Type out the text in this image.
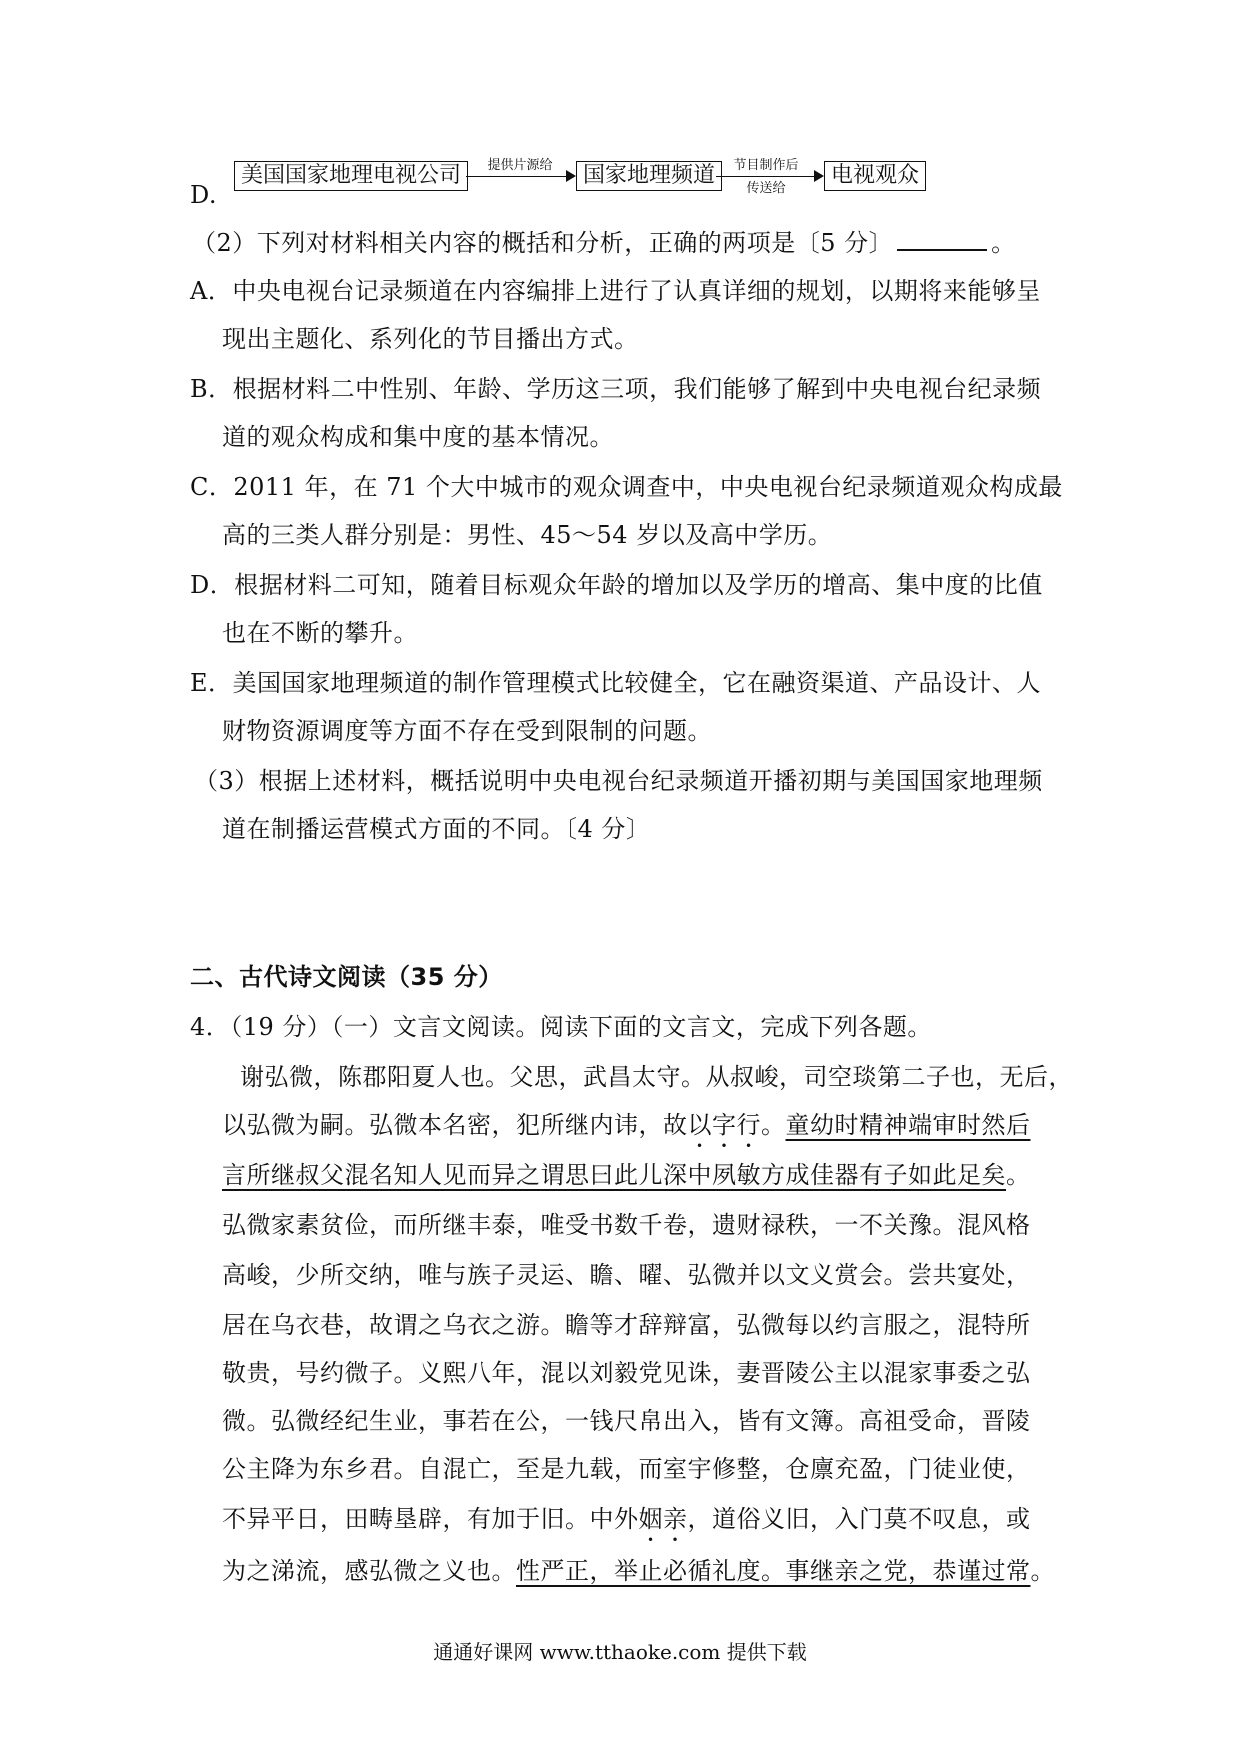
D.
美国国家地理电视公司	提供片源给	国家地理频道	节目制作后
传送给
电视观众
（2）下列对材料相关内容的概括和分析，正确的两项是〔5 分〕	。
A．中央电视台记录频道在内容编排上进行了认真详细的规划，以期将来能够呈
现出主题化、系列化的节目播出方式。
B．根据材料二中性别、年龄、学历这三项，我们能够了解到中央电视台纪录频
道的观众构成和集中度的基本情况。
C．2011 年，在 71 个大中城市的观众调查中，中央电视台纪录频道观众构成最
高的三类人群分别是：男性、45～54 岁以及高中学历。
D．根据材料二可知，随着目标观众年龄的增加以及学历的增高、集中度的比值
也在不断的攀升。
E．美国国家地理频道的制作管理模式比较健全，它在融资渠道、产品设计、人
财物资源调度等方面不存在受到限制的问题。
（3）根据上述材料，概括说明中央电视台纪录频道开播初期与美国国家地理频
道在制播运营模式方面的不同。〔4 分〕
二、古代诗文阅读（35 分）
4．（19 分）（一）文言文阅读。阅读下面的文言文，完成下列各题。
谢弘微，陈郡阳夏人也。父思，武昌太守。从叔峻，司空琰第二子也，无后，
以弘微为嗣。弘微本名密，犯所继内讳，故以字行。童幼时精神端审时然后
言所继叔父混名知人见而异之谓思曰此儿深中夙敏方成佳器有子如此足矣。
弘微家素贫俭，而所继丰泰，唯受书数千卷，遗财禄秩，一不关豫。混风格
高峻，少所交纳，唯与族子灵运、瞻、曜、弘微并以文义赏会。尝共宴处，
居在乌衣巷，故谓之乌衣之游。瞻等才辞辩富，弘微每以约言服之，混特所
敬贵，号约微子。义熙八年，混以刘毅党见诛，妻晋陵公主以混家事委之弘
微。弘微经纪生业，事若在公，一钱尺帛出入，皆有文簿。高祖受命，晋陵
公主降为东乡君。自混亡，至是九载，而室宇修整，仓廪充盈，门徒业使，
不异平日，田畴垦辟，有加于旧。中外姻亲，道俗义旧，入门莫不叹息，或
为之涕流，感弘微之义也。性严正，举止必循礼度。事继亲之党，恭谨过常。
通通好课网 www.tthaoke.com 提供下载
